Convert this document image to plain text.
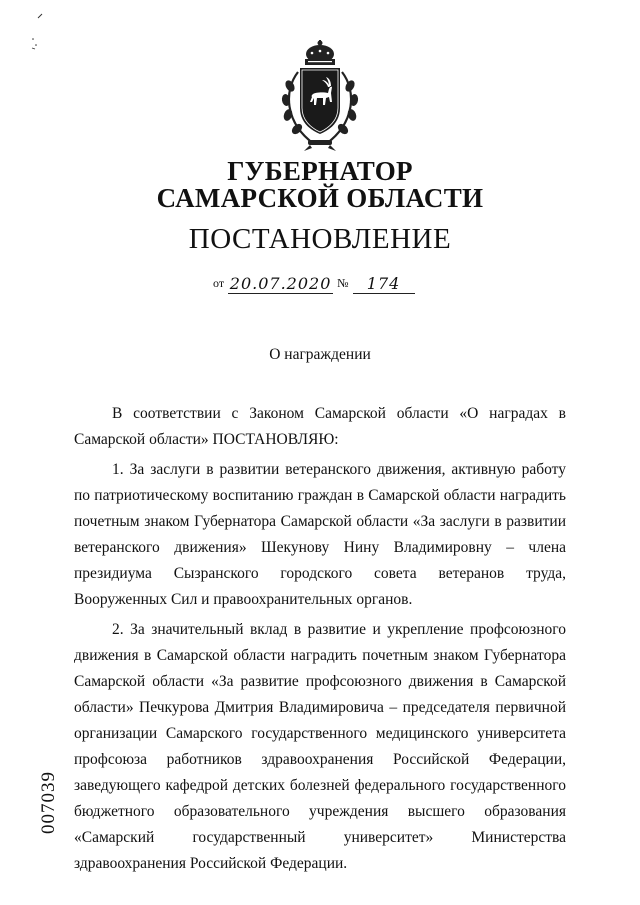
ГУБЕРНАТОР
САМАРСКОЙ ОБЛАСТИ
ПОСТАНОВЛЕНИЕ
от 20.07.2020 №	174
О награждении

В соответствии с Законом Самарской области «О наградах в Самарской области» ПОСТАНОВЛЯЮ:

1. За заслуги в развитии ветеранского движения, активную работу по патриотическому воспитанию граждан в Самарской области наградить почетным знаком Губернатора Самарской области «За заслуги в развитии ветеранского движения» Шекунову Нину Владимировну – члена президиума Сызранского городского совета ветеранов труда, Вооруженных Сил и правоохранительных органов.

2. За значительный вклад в развитие и укрепление профсоюзного движения в Самарской области наградить почетным знаком Губернатора Самарской области «За развитие профсоюзного движения в Самарской области» Печкурова Дмитрия Владимировича – председателя первичной организации Самарского государственного медицинского университета профсоюза работников здравоохранения Российской Федерации, заведующего кафедрой детских болезней федерального государственного бюджетного образовательного учреждения высшего образования «Самарский государственный университет» Министерства здравоохранения Российской Федерации.

007039
